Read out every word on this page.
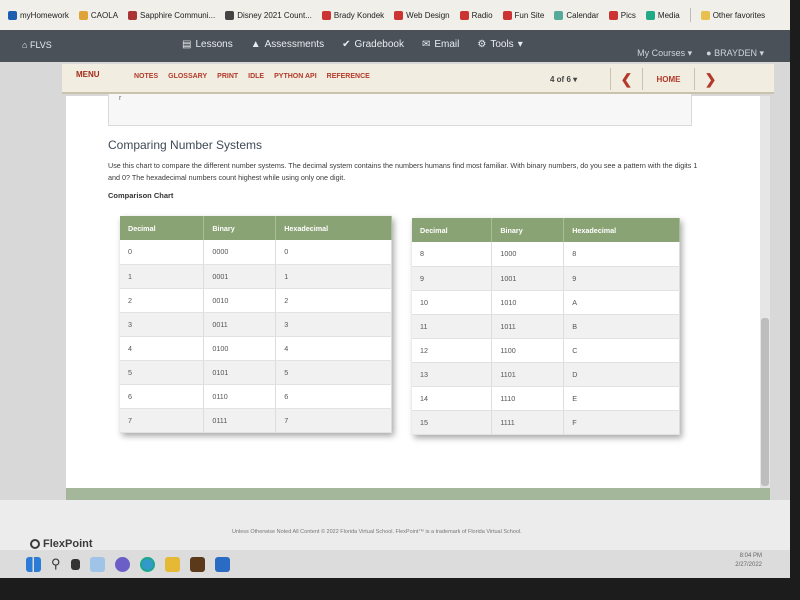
myHomework	CAOLA	Sapphire Communi...	Disney 2021 Count...	Brady Kondek	Web Design	Radio	Fun Site	Calendar	Pics	Media	Other favorites
⌂ FLVS	▤ Lessons ▲ Assessments ✔ Gradebook ✉ Email ⚙ Tools ▾
My Courses ▾ ● BRAYDEN ▾
MENU	NOTES GLOSSARY PRINT IDLE PYTHON API REFERENCE	4 of 6 ▾	❮	HOME ❯
r
Comparing Number Systems
Use this chart to compare the different number systems. The decimal system contains the numbers humans find most familiar. With binary numbers, do you see a pattern with the digits 1 and 0? The hexadecimal numbers count highest while using only one digit.
Comparison Chart
Decimal	Binary	Hexadecimal
0	0000	0
1	0001	1
2	0010	2
3	0011	3
4	0100	4
5	0101	5
6	0110	6
7	0111	7
Decimal	Binary	Hexadecimal
8	1000	8
9	1001	9
10	1010	A
11	1011	B
12	1100	C
13	1101	D
14	1110	E
15	1111	F
Unless Otherwise Noted All Content © 2022 Florida Virtual School. FlexPoint™ is a trademark of Florida Virtual School.
FlexPoint
⚲	8:04 PM
2/27/2022
